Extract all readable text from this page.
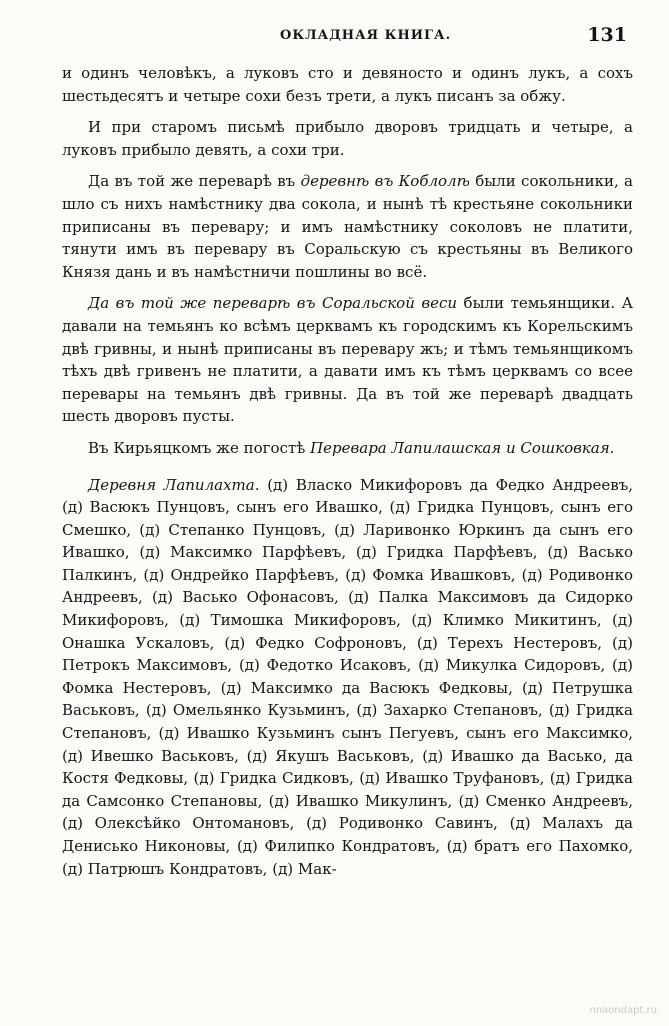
ОКЛАДНАЯ КНИГА.	131

и одинъ человѣкъ, а луковъ сто и девяносто и одинъ лукъ, а сохъ шестьдесятъ и четыре сохи безъ трети, а лукъ писанъ за обжу.

И при старомъ письмѣ прибыло дворовъ тридцать и четыре, а луковъ прибыло девять, а сохи три.

Да въ той же переварѣ въ деревнѣ въ Коблолѣ были сокольники, а шло съ нихъ намѣстнику два сокола, и нынѣ тѣ крестьяне сокольники приписаны въ перевару; и имъ намѣстнику соколовъ не платити, тянути имъ въ перевару въ Соральскую съ крестьяны въ Великого Князя дань и въ намѣстничи пошлины во всё.

Да въ той же переварѣ въ Соральской веси были темьянщики. А давали на темьянъ ко всѣмъ церквамъ къ городскимъ къ Корельскимъ двѣ гривны, и нынѣ приписаны въ перевару жъ; и тѣмъ темьянщикомъ тѣхъ двѣ гривенъ не платити, а давати имъ къ тѣмъ церквамъ со всее перевары на темьянъ двѣ гривны. Да въ той же переварѣ двадцать шесть дворовъ пусты.

Въ Кирьяцкомъ же погостѣ Перевара Лапилашская и Сошковкая.

Деревня Лапилахта. (д) Власко Микифоровъ да Федко Андреевъ, (д) Васюкъ Пунцовъ, сынъ его Ивашко, (д) Гридка Пунцовъ, сынъ его Смешко, (д) Степанко Пунцовъ, (д) Ларивонко Юркинъ да сынъ его Ивашко, (д) Максимко Парфѣевъ, (д) Гридка Парфѣевъ, (д) Васько Палкинъ, (д) Ондрейко Парфѣевъ, (д) Фомка Ивашковъ, (д) Родивонко Андреевъ, (д) Васько Офонасовъ, (д) Палка Максимовъ да Сидорко Микифоровъ, (д) Тимошка Микифоровъ, (д) Климко Микитинъ, (д) Онашка Ускаловъ, (д) Федко Софроновъ, (д) Терехъ Нестеровъ, (д) Петрокъ Максимовъ, (д) Федотко Исаковъ, (д) Микулка Сидоровъ, (д) Фомка Нестеровъ, (д) Максимко да Васюкъ Федковы, (д) Петрушка Васьковъ, (д) Омельянко Кузьминъ, (д) Захарко Степановъ, (д) Гридка Степановъ, (д) Ивашко Кузьминъ сынъ Пегуевъ, сынъ его Максимко, (д) Ивешко Васьковъ, (д) Якушъ Васьковъ, (д) Ивашко да Васько, да Костя Федковы, (д) Гридка Сидковъ, (д) Ивашко Труфановъ, (д) Гридка да Самсонко Степановы, (д) Ивашко Микулинъ, (д) Сменко Андреевъ, (д) Олексѣйко Онтомановъ, (д) Родивонко Савинъ, (д) Малахъ да Денисько Никоновы, (д) Филипко Кондратовъ, (д) братъ его Пахомко, (д) Патрюшъ Кондратовъ, (д) Мак-

nnaondapt.ru
